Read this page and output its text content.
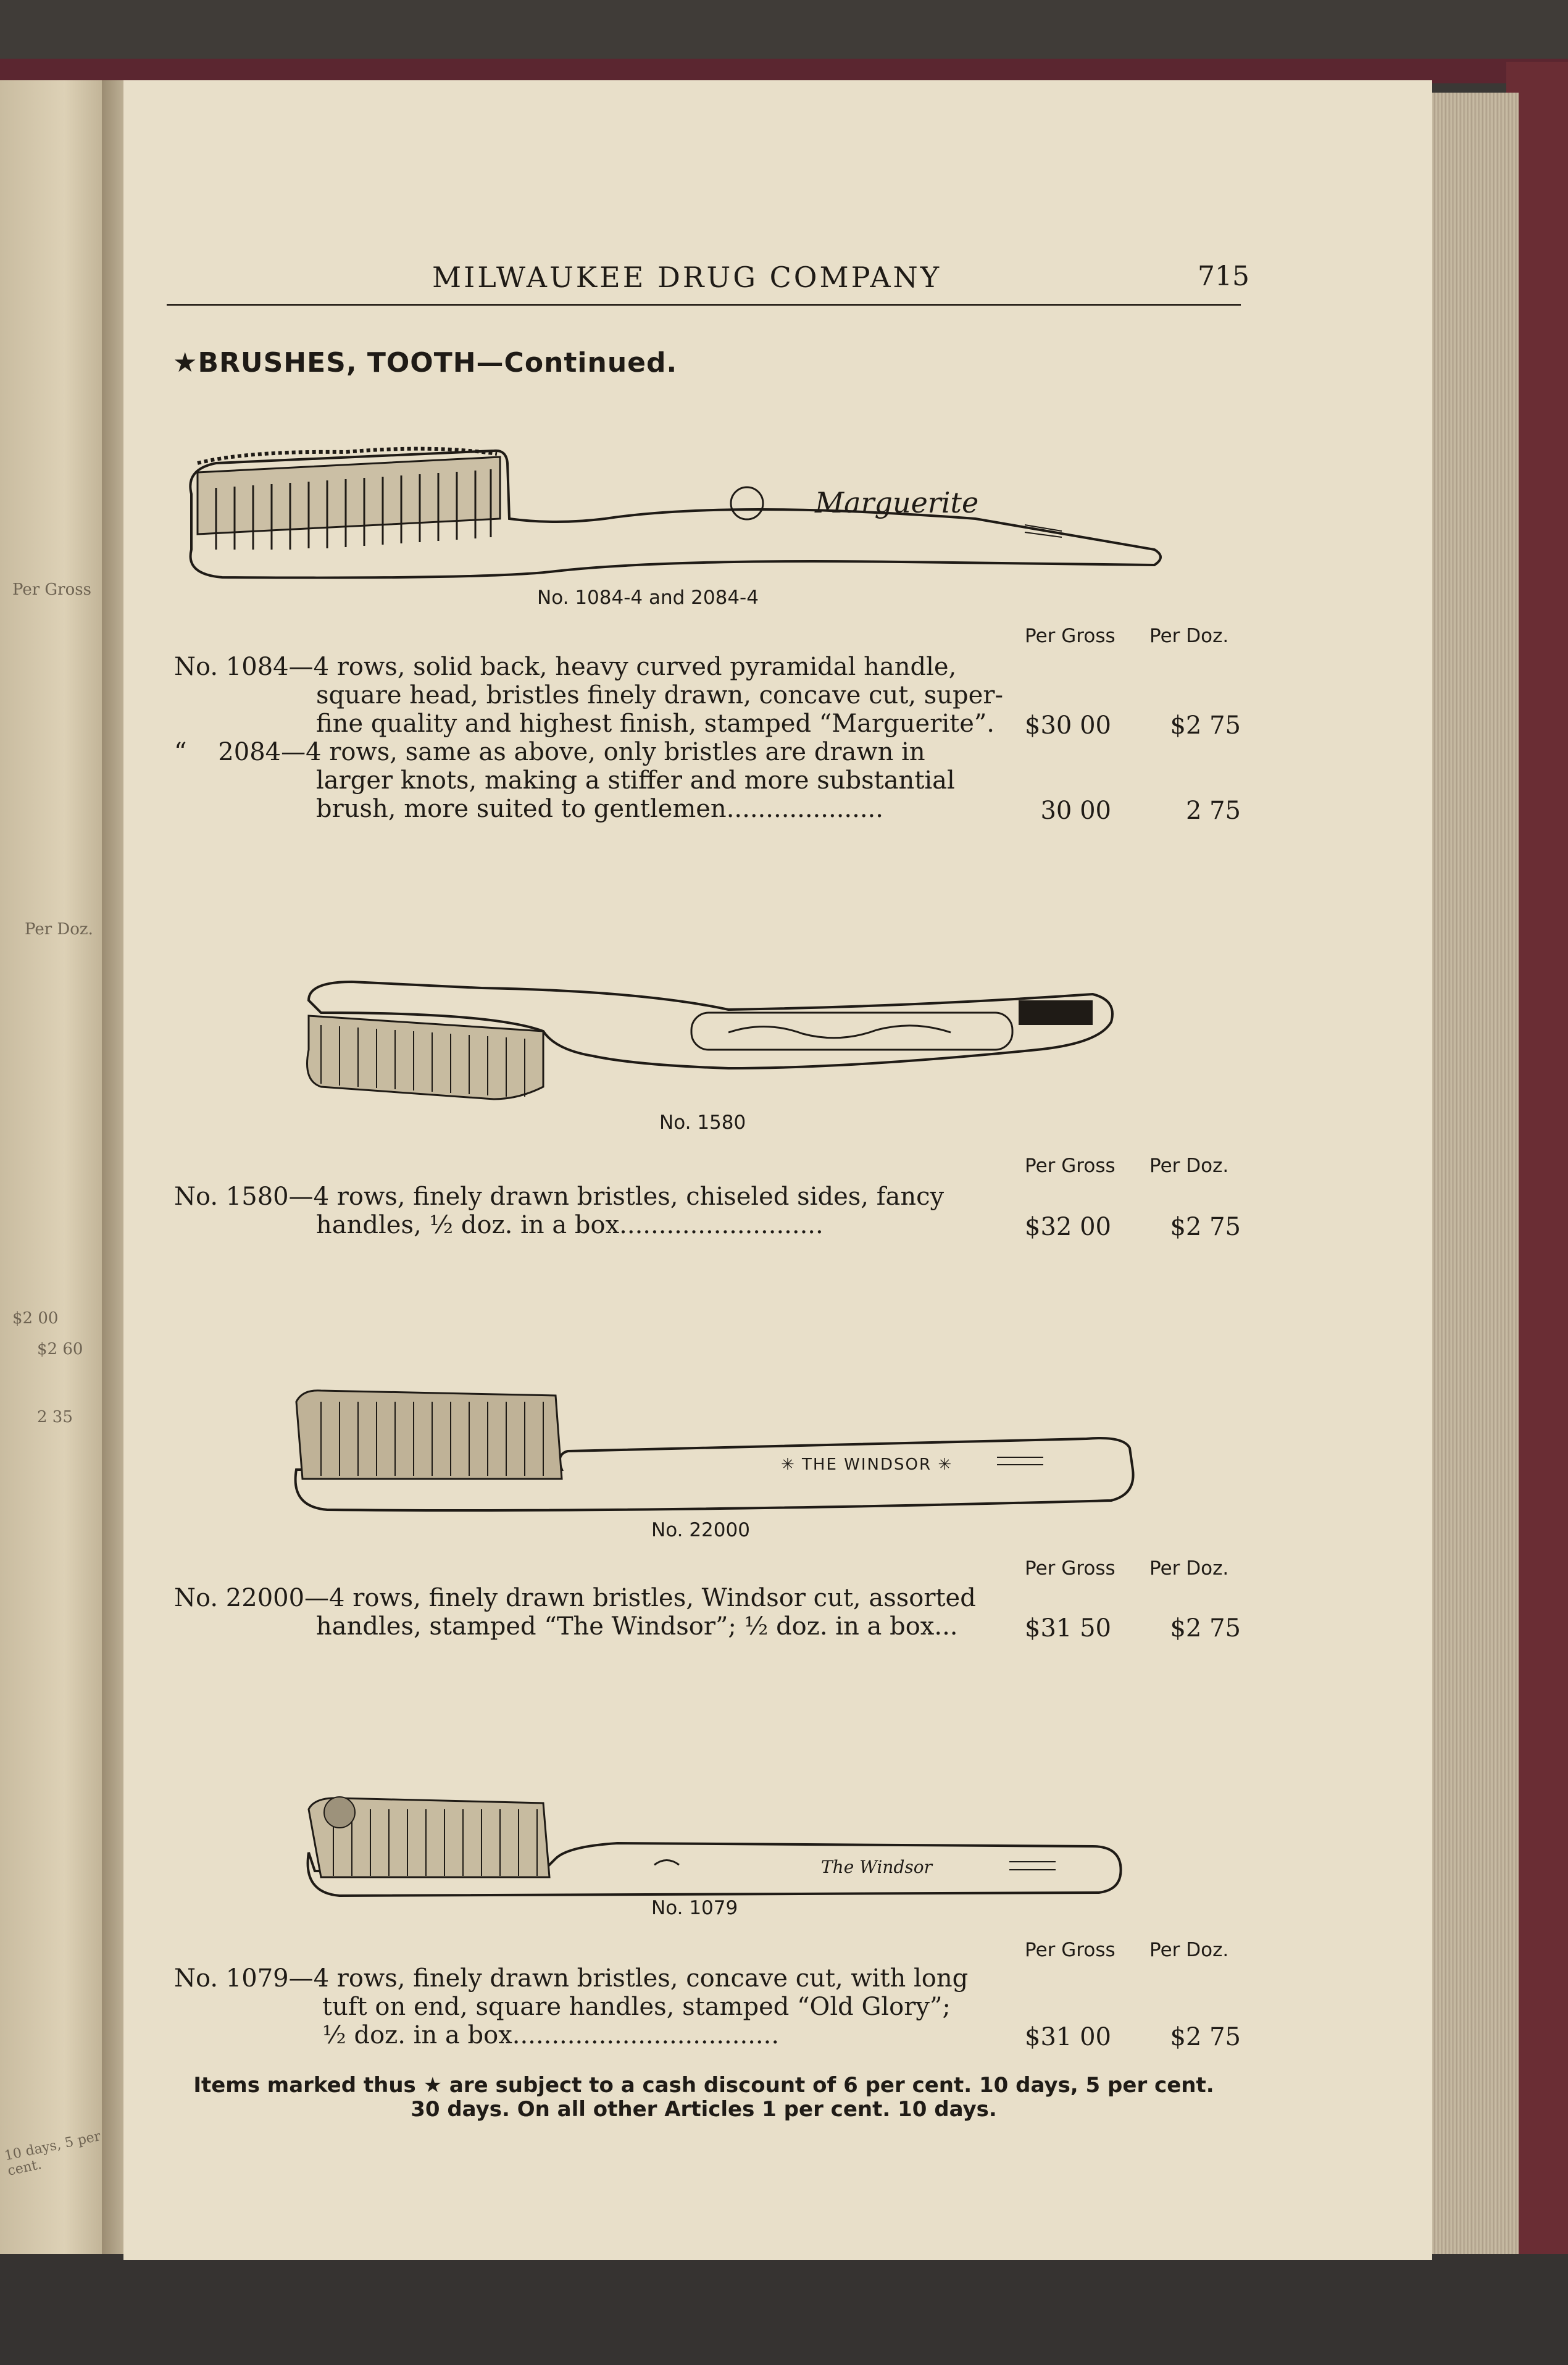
Per Gross
Per Doz.
$2 00
$2 60
2 35
10 days, 5 per cent.
MILWAUKEE DRUG COMPANY	715
★BRUSHES, TOOTH—Continued.
Marguerite
No. 1084-4 and 2084-4
Per Gross Per Doz.
No. 1084—4 rows, solid back, heavy curved pyramidal handle,
square head, bristles finely drawn, concave cut, super-
fine quality and highest finish, stamped “Marguerite”.	$30 00	$2 75
“    2084—4 rows, same as above, only bristles are drawn in
larger knots, making a stiffer and more substantial
brush, more suited to gentlemen....................	30 00	2 75
No. 1580
Per Gross Per Doz.
No. 1580—4 rows, finely drawn bristles, chiseled sides, fancy
handles, ½ doz. in a box..........................	$32 00	$2 75
✳ THE WINDSOR ✳
No. 22000
Per Gross Per Doz.
No. 22000—4 rows, finely drawn bristles, Windsor cut, assorted
handles, stamped “The Windsor”; ½ doz. in a box...	$31 50	$2 75
The Windsor
No. 1079
Per Gross Per Doz.
No. 1079—4 rows, finely drawn bristles, concave cut, with long
tuft on end, square handles, stamped “Old Glory”;
½ doz. in a box..................................	$31 00	$2 75
Items marked thus ★ are subject to a cash discount of 6 per cent. 10 days, 5 per cent.
30 days. On all other Articles 1 per cent. 10 days.
